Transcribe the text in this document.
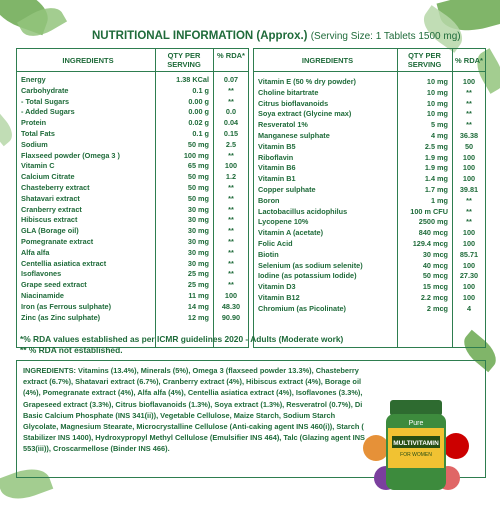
NUTRITIONAL INFORMATION (Approx.) (Serving Size: 1 Tablets 1500 mg)
INGREDIENTS
QTY PER
SERVING
% RDA*
Energy	1.38 KCal	0.07
Carbohydrate	0.1 g	**
- Total Sugars	0.00 g	**
- Added Sugars	0.00 g	0.0
Protein	0.02 g	0.04
Total Fats	0.1 g	0.15
Sodium	50 mg	2.5
Flaxseed powder (Omega 3 )	100 mg	**
Vitamin C	65 mg	100
Calcium Citrate	50 mg	1.2
Chasteberry extract	50 mg	**
Shatavari extract	50 mg	**
Cranberry extract	30 mg	**
Hibiscus extract	30 mg	**
GLA (Borage oil)	30 mg	**
Pomegranate extract	30 mg	**
Alfa alfa	30 mg	**
Centellia asiatica extract	30 mg	**
Isoflavones	25 mg	**
Grape seed extract	25 mg	**
Niacinamide	11 mg	100
Iron (as Ferrous sulphate)	14 mg	48.30
Zinc (as Zinc sulphate)	12 mg	90.90
INGREDIENTS
QTY PER
SERVING	% RDA*
Vitamin E (50 % dry powder)	10 mg	100
Choline bitartrate	10 mg	**
Citrus bioflavanoids	10 mg	**
Soya extract (Glycine max)	10 mg	**
Resveratol 1%	5 mg	**
Manganese sulphate	4 mg	36.38
Vitamin B5	2.5 mg	50
Riboflavin	1.9 mg	100
Vitamin B6	1.9 mg	100
Vitamin B1	1.4 mg	100
Copper sulphate	1.7 mg	39.81
Boron	1 mg	**
Lactobacillus acidophilus	100 m CFU	**
Lycopene 10%	2500 mg	**
Vitamin A (acetate)	840 mcg	100
Folic Acid	129.4 mcg	100
Biotin	30 mcg	85.71
Selenium (as sodium selenite)	40 mcg	100
Iodine (as potassium Iodide)	50 mcg	27.30
Vitamin D3	15 mcg	100
Vitamin B12	2.2 mcg	100
Chromium (as Picolinate)	2 mcg	4
*% RDA values established as per ICMR guidelines 2020 - Adults (Moderate work)
** % RDA not established.
INGREDIENTS: Vitamins (13.4%), Minerals (5%), Omega 3 (flaxseed powder 13.3%), Chasteberry extract (6.7%), Shatavari extract (6.7%), Cranberry extract (4%), Hibiscus extract (4%), Borage oil (4%), Pomegranate extract (4%), Alfa alfa (4%), Centellia asiatica extract (4%), Isoflavones (3.3%), Grapeseed extract (3.3%), Citrus bioflavanoids (1.3%), Soya extract (1.3%), Resveratrol (0.7%), Di Basic Calcium Phosphate (INS 341(ii)), Vegetable Cellulose, Maize Starch, Sodium Starch Glycolate, Magnesium Stearate, Microcrystalline Cellulose (Anti-caking agent INS 460(i)), Starch ( Stabilizer INS 1400), Hydroxypropyl Methyl Cellulose (Emulsifier INS 464), Talc (Glazing agent INS 553(iii)), Croscarmellose (Binder INS 466).
Pure
MULTIVITAMIN
FOR WOMEN
